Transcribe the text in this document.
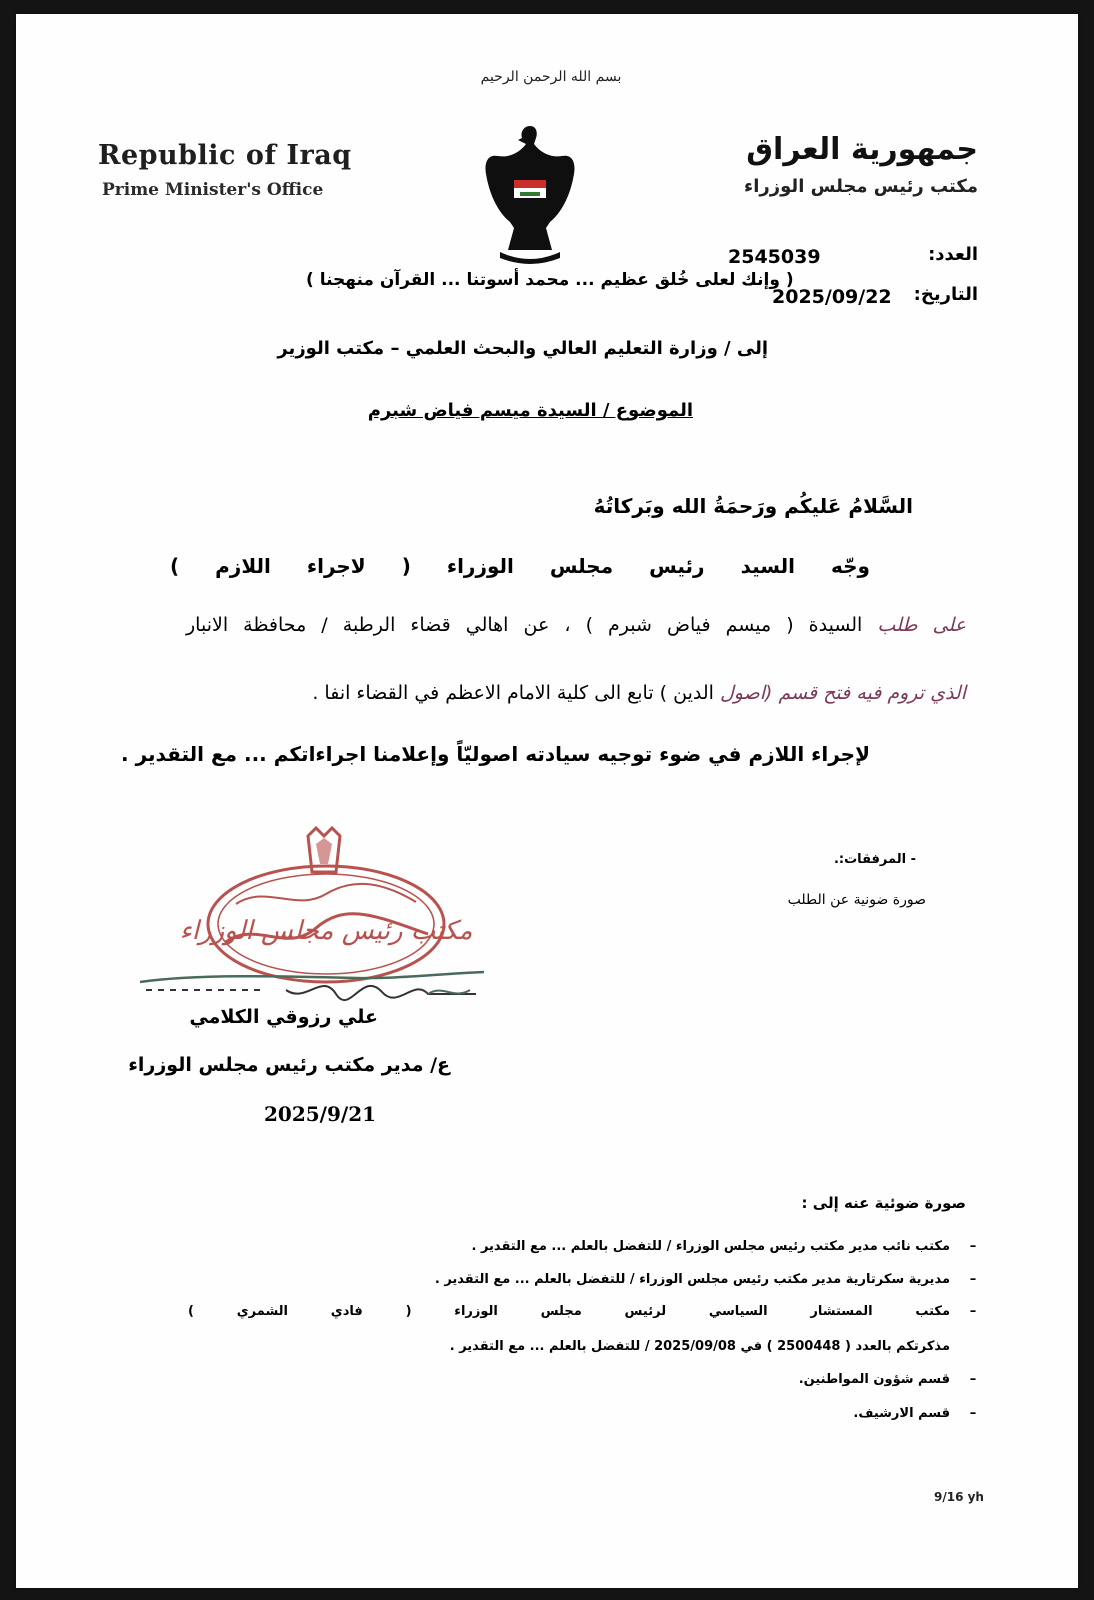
بسم الله الرحمن الرحيم
Republic of Iraq
Prime Minister's Office
جمهورية العراق
مكتب رئيس مجلس الوزراء
العدد:
2545039
التاريخ:
2025/09/22
( وإنك لعلى خُلق عظيم ... محمد أسوتنا ... القرآن منهجنا )
إلى / وزارة التعليم العالي والبحث العلمي – مكتب الوزير
الموضوع / السيدة ميسم فياض شبرم
السَّلامُ عَليكُم ورَحمَةُ الله وبَركاتُهُ
وجّه السيد رئيس مجلس الوزراء ( لاجراء اللازم )
على طلب السيدة ( ميسم فياض شبرم ) ، عن اهالي قضاء الرطبة / محافظة الانبار
الذي تروم فيه فتح قسم (اصول الدين ) تابع الى كلية الامام الاعظم في القضاء انفا .
لإجراء اللازم في ضوء توجيه سيادته اصوليّاً وإعلامنا اجراءاتكم ... مع التقدير .
- المرفقات:.
صورة ضونية عن الطلب
مكتب رئيس مجلس الوزراء
علي رزوقي الكلامي
ع/ مدير مكتب رئيس مجلس الوزراء
2025/9/21
صورة ضوئية عنه إلى :
–
مكتب نائب مدير مكتب رئيس مجلس الوزراء / للتفضل بالعلم ... مع التقدير .
–
مديرية سكرتارية مدير مكتب رئيس مجلس الوزراء / للتفضل بالعلم ... مع التقدير .
–
مكتب المستشار السياسي لرئيس مجلس الوزراء ( فادي الشمري )
مذكرتكم بالعدد ( 2500448 ) في 2025/09/08 / للتفضل بالعلم ... مع التقدير .
–
قسم شؤون المواطنين.
–
قسم الارشيف.
9/16 yh
